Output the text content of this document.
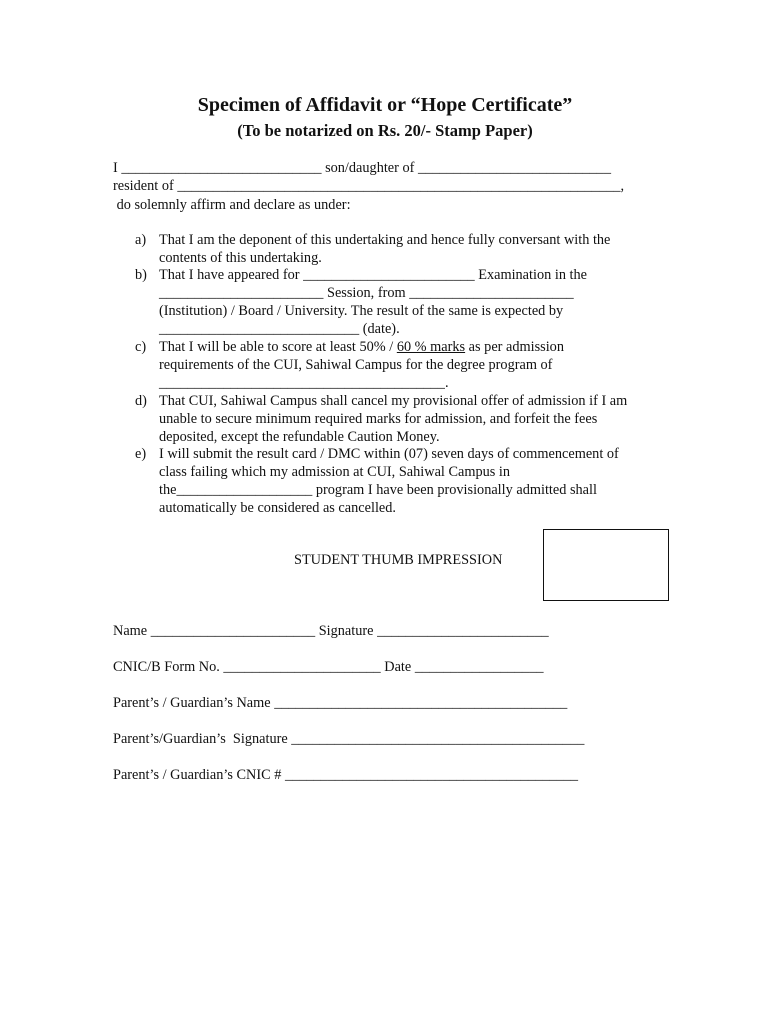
Specimen of Affidavit or “Hope Certificate”
(To be notarized on Rs. 20/- Stamp Paper)
I ____________________________ son/daughter of ___________________________
resident of ______________________________________________________________,
do solemnly affirm and declare as under:
a) That I am the deponent of this undertaking and hence fully conversant with the
contents of this undertaking.
b) That I have appeared for ________________________ Examination in the
_______________________ Session, from _______________________
(Institution) / Board / University. The result of the same is expected by
____________________________ (date).
c) That I will be able to score at least 50% / 60 % marks as per admission
requirements of the CUI, Sahiwal Campus for the degree program of
________________________________________.
d) That CUI, Sahiwal Campus shall cancel my provisional offer of admission if I am
unable to secure minimum required marks for admission, and forfeit the fees
deposited, except the refundable Caution Money.
e) I will submit the result card / DMC within (07) seven days of commencement of
class failing which my admission at CUI, Sahiwal Campus in
the___________________ program I have been provisionally admitted shall
automatically be considered as cancelled.
STUDENT THUMB IMPRESSION
Name _______________________ Signature ________________________
CNIC/B Form No. ______________________ Date __________________
Parent’s / Guardian’s Name _________________________________________
Parent’s/Guardian’s  Signature _________________________________________
Parent’s / Guardian’s CNIC # _________________________________________
